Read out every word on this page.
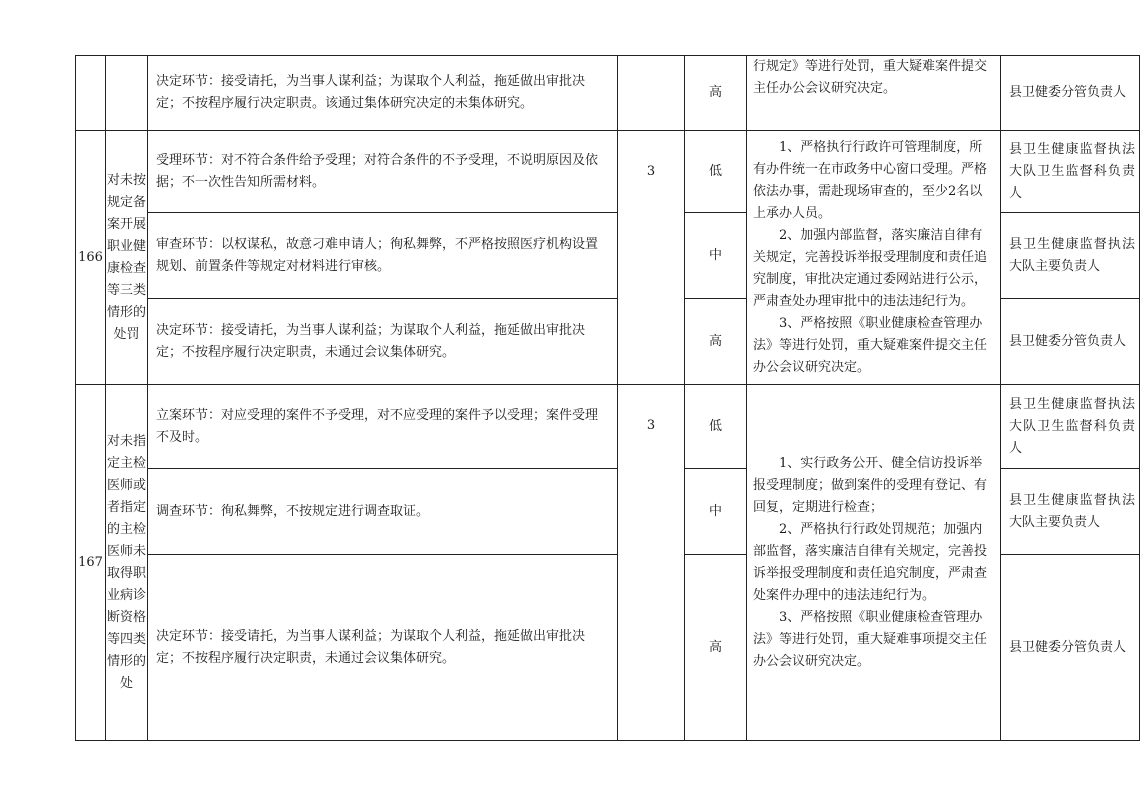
		决定环节：接受请托，为当事人谋利益；为谋取个人利益，拖延做出审批决定；不按程序履行决定职责。该通过集体研究决定的未集体研究。		高	行规定》等进行处罚，重大疑难案件提交主任办公会议研究决定。	县卫健委分管负责人
166	对未按规定备案开展职业健康检查等三类情形的处罚	受理环节：对不符合条件给予受理；对符合条件的不予受理，不说明原因及依据；不一次性告知所需材料。	3	低	1、严格执行行政许可管理制度，所有办件统一在市政务中心窗口受理。严格依法办事，需赴现场审查的，至少2名以上承办人员。

2、加强内部监督，落实廉洁自律有关规定，完善投诉举报受理制度和责任追究制度，审批决定通过委网站进行公示，严肃查处办理审批中的违法违纪行为。

3、严格按照《职业健康检查管理办法》等进行处罚，重大疑难案件提交主任办公会议研究决定。	县卫生健康监督执法大队卫生监督科负责人
		审查环节：以权谋私，故意刁难申请人；徇私舞弊，不严格按照医疗机构设置规划、前置条件等规定对材料进行审核。		中		县卫生健康监督执法大队主要负责人
		决定环节：接受请托，为当事人谋利益；为谋取个人利益，拖延做出审批决定；不按程序履行决定职责，未通过会议集体研究。		高		县卫健委分管负责人
167	对未指定主检医师或者指定的主检医师未取得职业病诊断资格等四类情形的处	立案环节：对应受理的案件不予受理，对不应受理的案件予以受理；案件受理不及时。	3	低	1、实行政务公开、健全信访投诉举报受理制度；做到案件的受理有登记、有回复，定期进行检查；

2、严格执行行政处罚规范；加强内部监督，落实廉洁自律有关规定，完善投诉举报受理制度和责任追究制度，严肃查处案件办理中的违法违纪行为。

3、严格按照《职业健康检查管理办法》等进行处罚，重大疑难事项提交主任办公会议研究决定。	县卫生健康监督执法大队卫生监督科负责人
		调查环节：徇私舞弊，不按规定进行调查取证。		中		县卫生健康监督执法大队主要负责人
		决定环节：接受请托，为当事人谋利益；为谋取个人利益，拖延做出审批决定；不按程序履行决定职责，未通过会议集体研究。		高		县卫健委分管负责人
